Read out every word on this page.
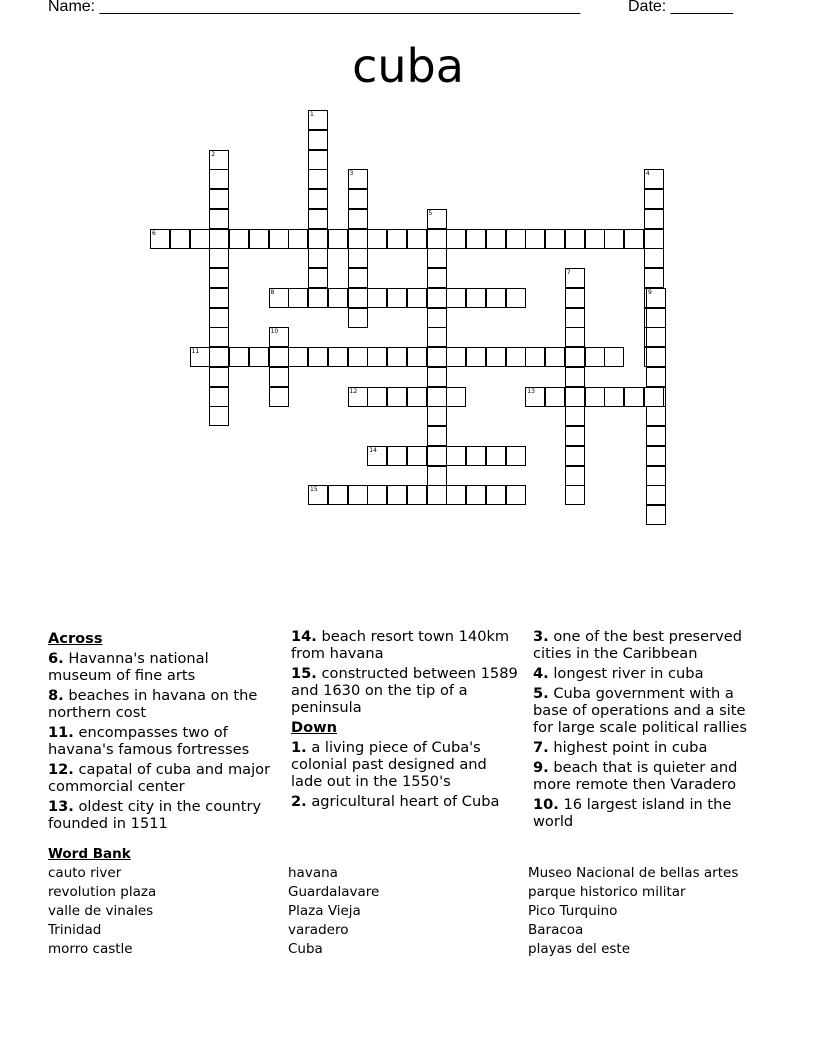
Name: ______________________________________________________	Date: _______
cuba
1
2
3	4
5
6
7
8	9
10
11
12	13
14
15
Across
6. Havanna's national museum of fine arts
8. beaches in havana on the northern cost
11. encompasses two of havana's famous fortresses
12. capatal of cuba and major commorcial center
13. oldest city in the country founded in 1511
14. beach resort town 140km from havana
15. constructed between 1589 and 1630 on the tip of a peninsula
Down
1. a living piece of Cuba's colonial past designed and lade out in the 1550's
2. agricultural heart of Cuba
3. one of the best preserved cities in the Caribbean
4. longest river in cuba
5. Cuba government with a base of operations and a site for large scale political rallies
7. highest point in cuba
9. beach that is quieter and more remote then Varadero
10. 16 largest island in the world
Word Bank
cauto river
revolution plaza
valle de vinales
Trinidad
morro castle
havana
Guardalavare
Plaza Vieja
varadero
Cuba
Museo Nacional de bellas artes
parque historico militar
Pico Turquino
Baracoa
playas del este
